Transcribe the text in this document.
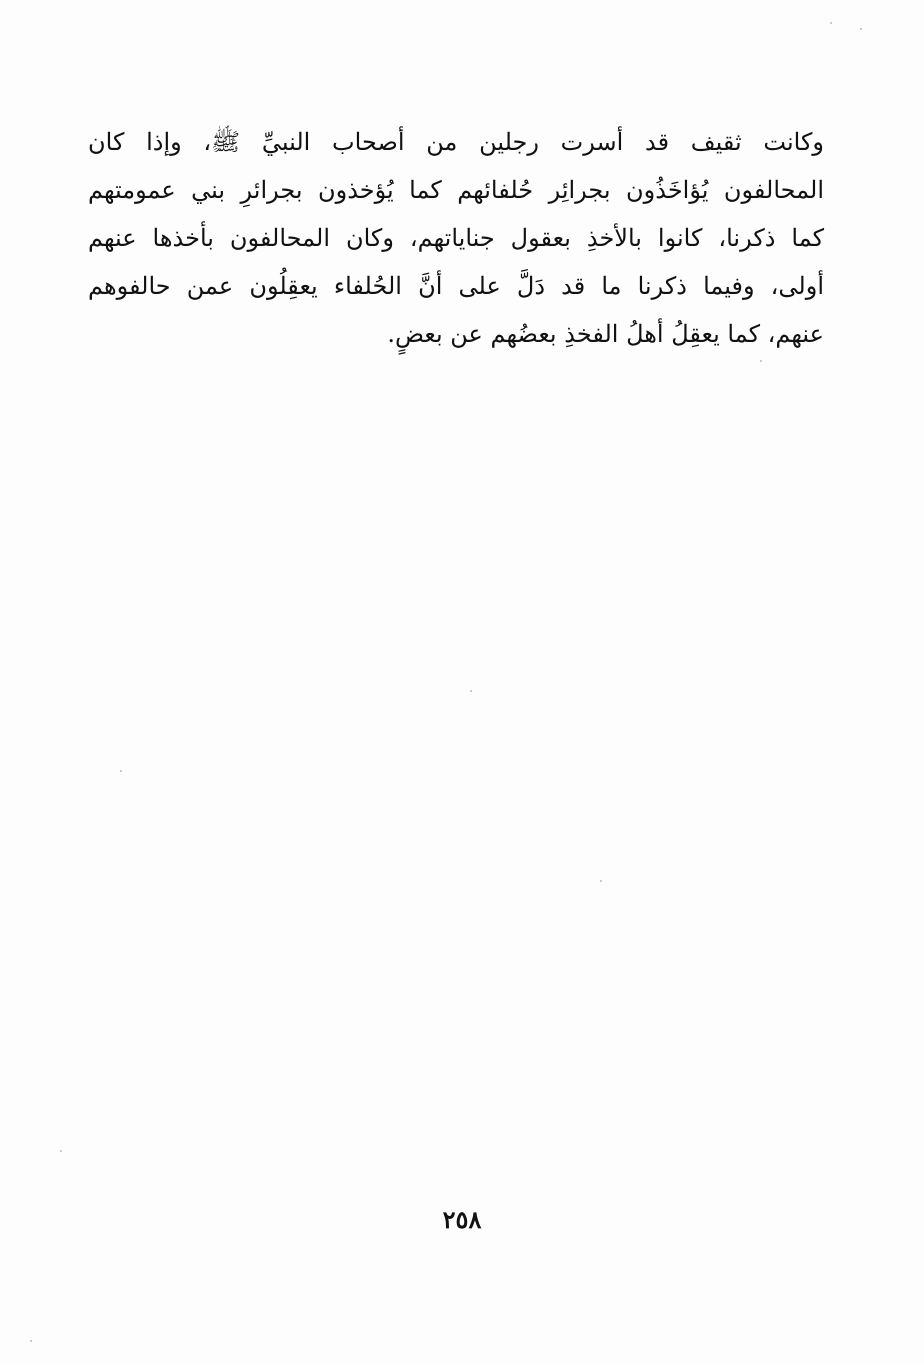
وكانت ثقيف قد أسرت رجلين من أصحاب النبيِّ ﷺ، وإذا كان
المحالفون يُؤاخَذُون بجرائِر حُلفائهم كما يُؤخذون بجرائرِ بني عمومتهم
كما ذكرنا، كانوا بالأخذِ بعقول جناياتهم، وكان المحالفون بأخذها عنهم
أولى، وفيما ذكرنا ما قد دَلَّ على أنَّ الحُلفاء يعقِلُون عمن حالفوهم
عنهم، كما يعقِلُ أهلُ الفخذِ بعضُهم عن بعضٍ.
٢٥٨
